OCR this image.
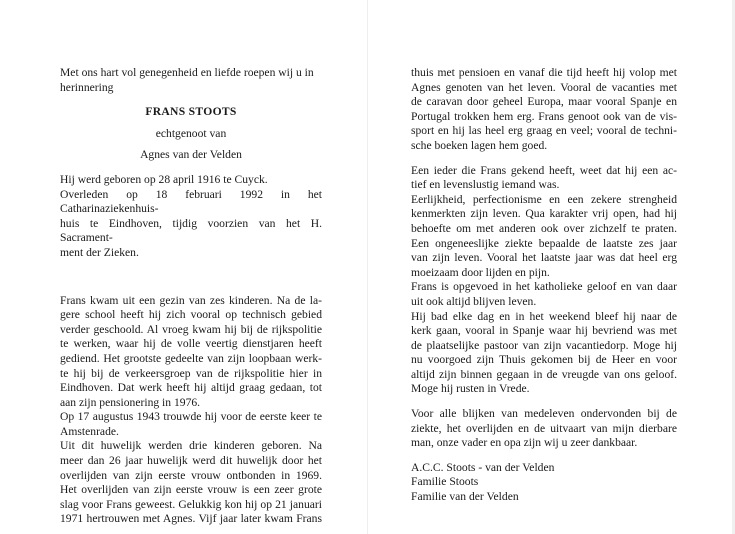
Met ons hart vol genegenheid en liefde roepen wij u in
herinnering
FRANS STOOTS
echtgenoot van
Agnes van der Velden
Hij werd geboren op 28 april 1916 te Cuyck.
Overleden op 18 februari 1992 in het Catharinaziekenhuis-
huis te Eindhoven, tijdig voorzien van het H. Sacrament-
ment der Zieken.
Frans kwam uit een gezin van zes kinderen. Na de la-
gere school heeft hij zich vooral op technisch gebied
verder geschoold. Al vroeg kwam hij bij de rijkspolitie
te werken, waar hij de volle veertig dienstjaren heeft
gediend. Het grootste gedeelte van zijn loopbaan werk-
te hij bij de verkeersgroep van de rijkspolitie hier in
Eindhoven. Dat werk heeft hij altijd graag gedaan, tot
aan zijn pensionering in 1976.
Op 17 augustus 1943 trouwde hij voor de eerste keer te
Amstenrade.
Uit dit huwelijk werden drie kinderen geboren. Na
meer dan 26 jaar huwelijk werd dit huwelijk door het
overlijden van zijn eerste vrouw ontbonden in 1969.
Het overlijden van zijn eerste vrouw is een zeer grote
slag voor Frans geweest. Gelukkig kon hij op 21 januari
1971 hertrouwen met Agnes. Vijf jaar later kwam Frans
thuis met pensioen en vanaf die tijd heeft hij volop met
Agnes genoten van het leven. Vooral de vacanties met
de caravan door geheel Europa, maar vooral Spanje en
Portugal trokken hem erg. Frans genoot ook van de vis-
sport en hij las heel erg graag en veel; vooral de techni-
sche boeken lagen hem goed.
Een ieder die Frans gekend heeft, weet dat hij een ac-
tief en levenslustig iemand was.
Eerlijkheid, perfectionisme en een zekere strengheid
kenmerkten zijn leven. Qua karakter vrij open, had hij
behoefte om met anderen ook over zichzelf te praten.
Een ongeneeslijke ziekte bepaalde de laatste zes jaar
van zijn leven. Vooral het laatste jaar was dat heel erg
moeizaam door lijden en pijn.
Frans is opgevoed in het katholieke geloof en van daar
uit ook altijd blijven leven.
Hij bad elke dag en in het weekend bleef hij naar de
kerk gaan, vooral in Spanje waar hij bevriend was met
de plaatselijke pastoor van zijn vacantiedorp. Moge hij
nu voorgoed zijn Thuis gekomen bij de Heer en voor
altijd zijn binnen gegaan in de vreugde van ons geloof.
Moge hij rusten in Vrede.
Voor alle blijken van medeleven ondervonden bij de
ziekte, het overlijden en de uitvaart van mijn dierbare
man, onze vader en opa zijn wij u zeer dankbaar.
A.C.C. Stoots - van der Velden
Familie Stoots
Familie van der Velden
